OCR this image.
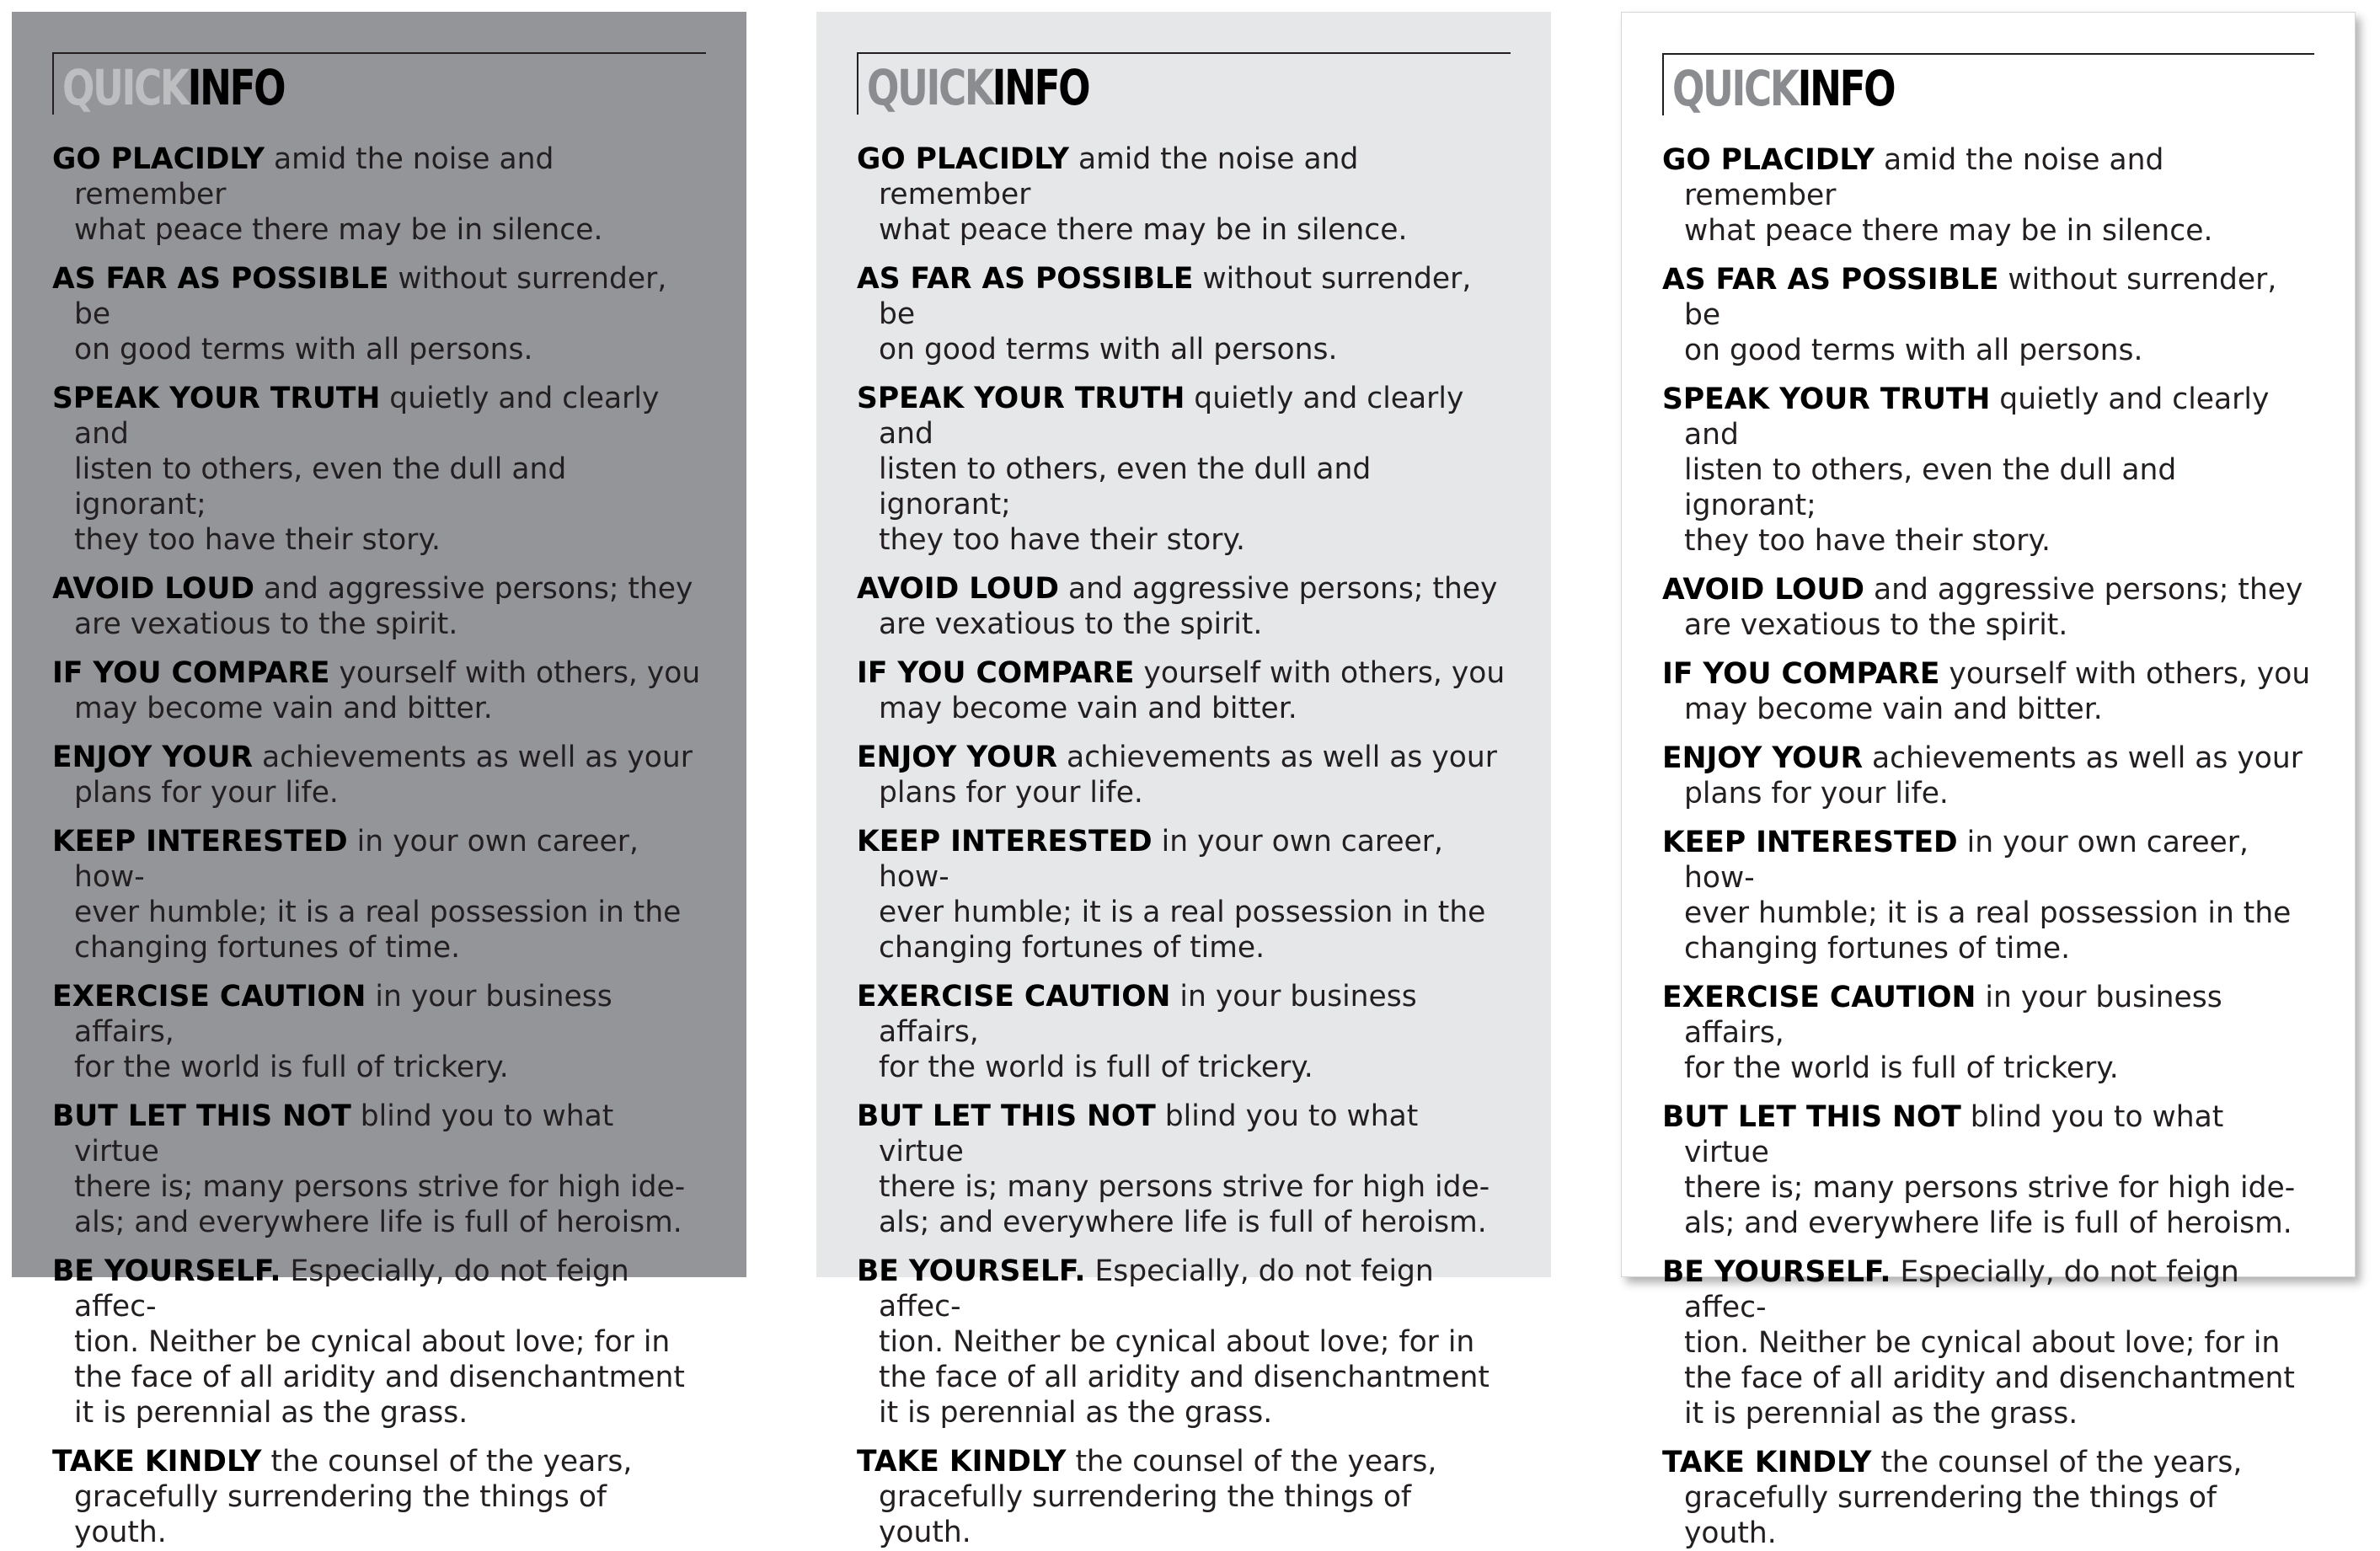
QUICKINFO

GO PLACIDLY amid the noise and remember
what peace there may be in silence.

AS FAR AS POSSIBLE without surrender, be
on good terms with all persons.

SPEAK YOUR TRUTH quietly and clearly and
listen to others, even the dull and ignorant;
they too have their story.

AVOID LOUD and aggressive persons; they
are vexatious to the spirit.

IF YOU COMPARE yourself with others, you
may become vain and bitter.

ENJOY YOUR achievements as well as your
plans for your life.

KEEP INTERESTED in your own career, how-
ever humble; it is a real possession in the
changing fortunes of time.

EXERCISE CAUTION in your business affairs,
for the world is full of trickery.

BUT LET THIS NOT blind you to what virtue
there is; many persons strive for high ide-
als; and everywhere life is full of heroism.

BE YOURSELF. Especially, do not feign affec-
tion. Neither be cynical about love; for in
the face of all aridity and disenchantment
it is perennial as the grass.

TAKE KINDLY the counsel of the years,
gracefully surrendering the things of youth.

QUICKINFO

GO PLACIDLY amid the noise and remember
what peace there may be in silence.

AS FAR AS POSSIBLE without surrender, be
on good terms with all persons.

SPEAK YOUR TRUTH quietly and clearly and
listen to others, even the dull and ignorant;
they too have their story.

AVOID LOUD and aggressive persons; they
are vexatious to the spirit.

IF YOU COMPARE yourself with others, you
may become vain and bitter.

ENJOY YOUR achievements as well as your
plans for your life.

KEEP INTERESTED in your own career, how-
ever humble; it is a real possession in the
changing fortunes of time.

EXERCISE CAUTION in your business affairs,
for the world is full of trickery.

BUT LET THIS NOT blind you to what virtue
there is; many persons strive for high ide-
als; and everywhere life is full of heroism.

BE YOURSELF. Especially, do not feign affec-
tion. Neither be cynical about love; for in
the face of all aridity and disenchantment
it is perennial as the grass.

TAKE KINDLY the counsel of the years,
gracefully surrendering the things of youth.

QUICKINFO

GO PLACIDLY amid the noise and remember
what peace there may be in silence.

AS FAR AS POSSIBLE without surrender, be
on good terms with all persons.

SPEAK YOUR TRUTH quietly and clearly and
listen to others, even the dull and ignorant;
they too have their story.

AVOID LOUD and aggressive persons; they
are vexatious to the spirit.

IF YOU COMPARE yourself with others, you
may become vain and bitter.

ENJOY YOUR achievements as well as your
plans for your life.

KEEP INTERESTED in your own career, how-
ever humble; it is a real possession in the
changing fortunes of time.

EXERCISE CAUTION in your business affairs,
for the world is full of trickery.

BUT LET THIS NOT blind you to what virtue
there is; many persons strive for high ide-
als; and everywhere life is full of heroism.

BE YOURSELF. Especially, do not feign affec-
tion. Neither be cynical about love; for in
the face of all aridity and disenchantment
it is perennial as the grass.

TAKE KINDLY the counsel of the years,
gracefully surrendering the things of youth.
